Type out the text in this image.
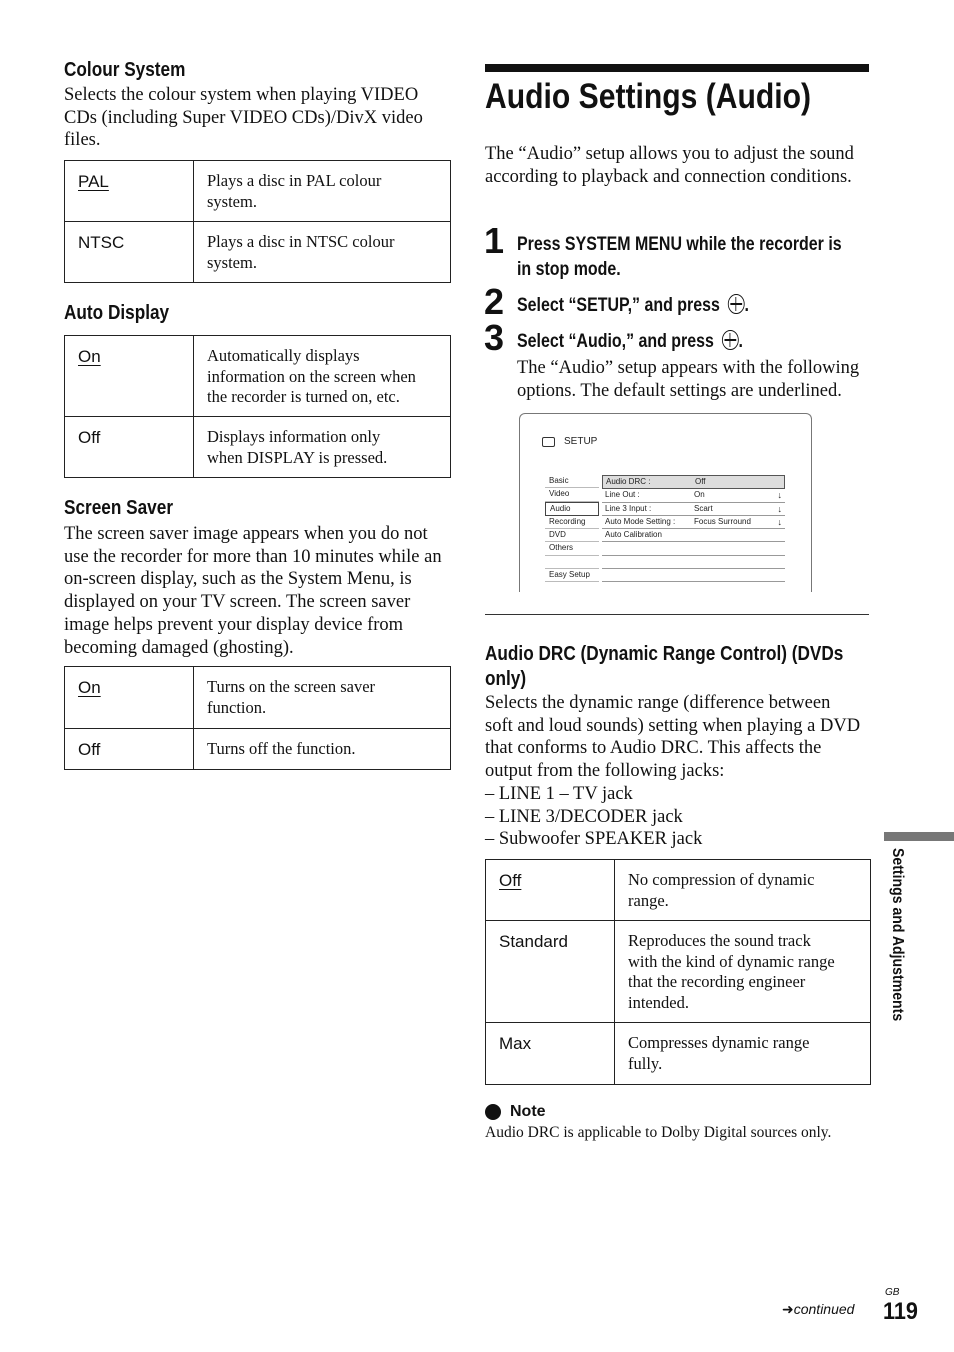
Colour System
Selects the colour system when playing VIDEO
CDs (including Super VIDEO CDs)/DivX video
files.
PAL	Plays a disc in PAL colour
system.

NTSC	Plays a disc in NTSC colour
system.
Auto Display
On	Automatically displays
information on the screen when
the recorder is turned on, etc.

Off	Displays information only
when DISPLAY is pressed.
Screen Saver
The screen saver image appears when you do not
use the recorder for more than 10 minutes while an
on-screen display, such as the System Menu, is
displayed on your TV screen. The screen saver
image helps prevent your display device from
becoming damaged (ghosting).
On	Turns on the screen saver
function.

Off	Turns off the function.
Audio Settings (Audio)
The “Audio” setup allows you to adjust the sound
according to playback and connection conditions.
1 Press SYSTEM MENU while the recorder is
in stop mode.
2 Select “SETUP,” and press .
3 Select “Audio,” and press .
The “Audio” setup appears with the following
options. The default settings are underlined.
SETUP
Basic
Video
Audio
Recording
DVD
Others
Easy Setup
Audio DRC :	Off
Line Out :	On	↓
Line 3 Input :	Scart	↓
Auto Mode Setting : Focus Surround	↓
Auto Calibration
Audio DRC (Dynamic Range Control) (DVDs
only)
Selects the dynamic range (difference between
soft and loud sounds) setting when playing a DVD
that conforms to Audio DRC. This affects the
output from the following jacks:
– LINE 1 – TV jack
– LINE 3/DECODER jack
– Subwoofer SPEAKER jack
Off	No compression of dynamic
range.

Standard	Reproduces the sound track
with the kind of dynamic range
that the recording engineer
intended.

Max	Compresses dynamic range
fully.
Note
Audio DRC is applicable to Dolby Digital sources only.
Settings and Adjustments
➜continued
GB
119
